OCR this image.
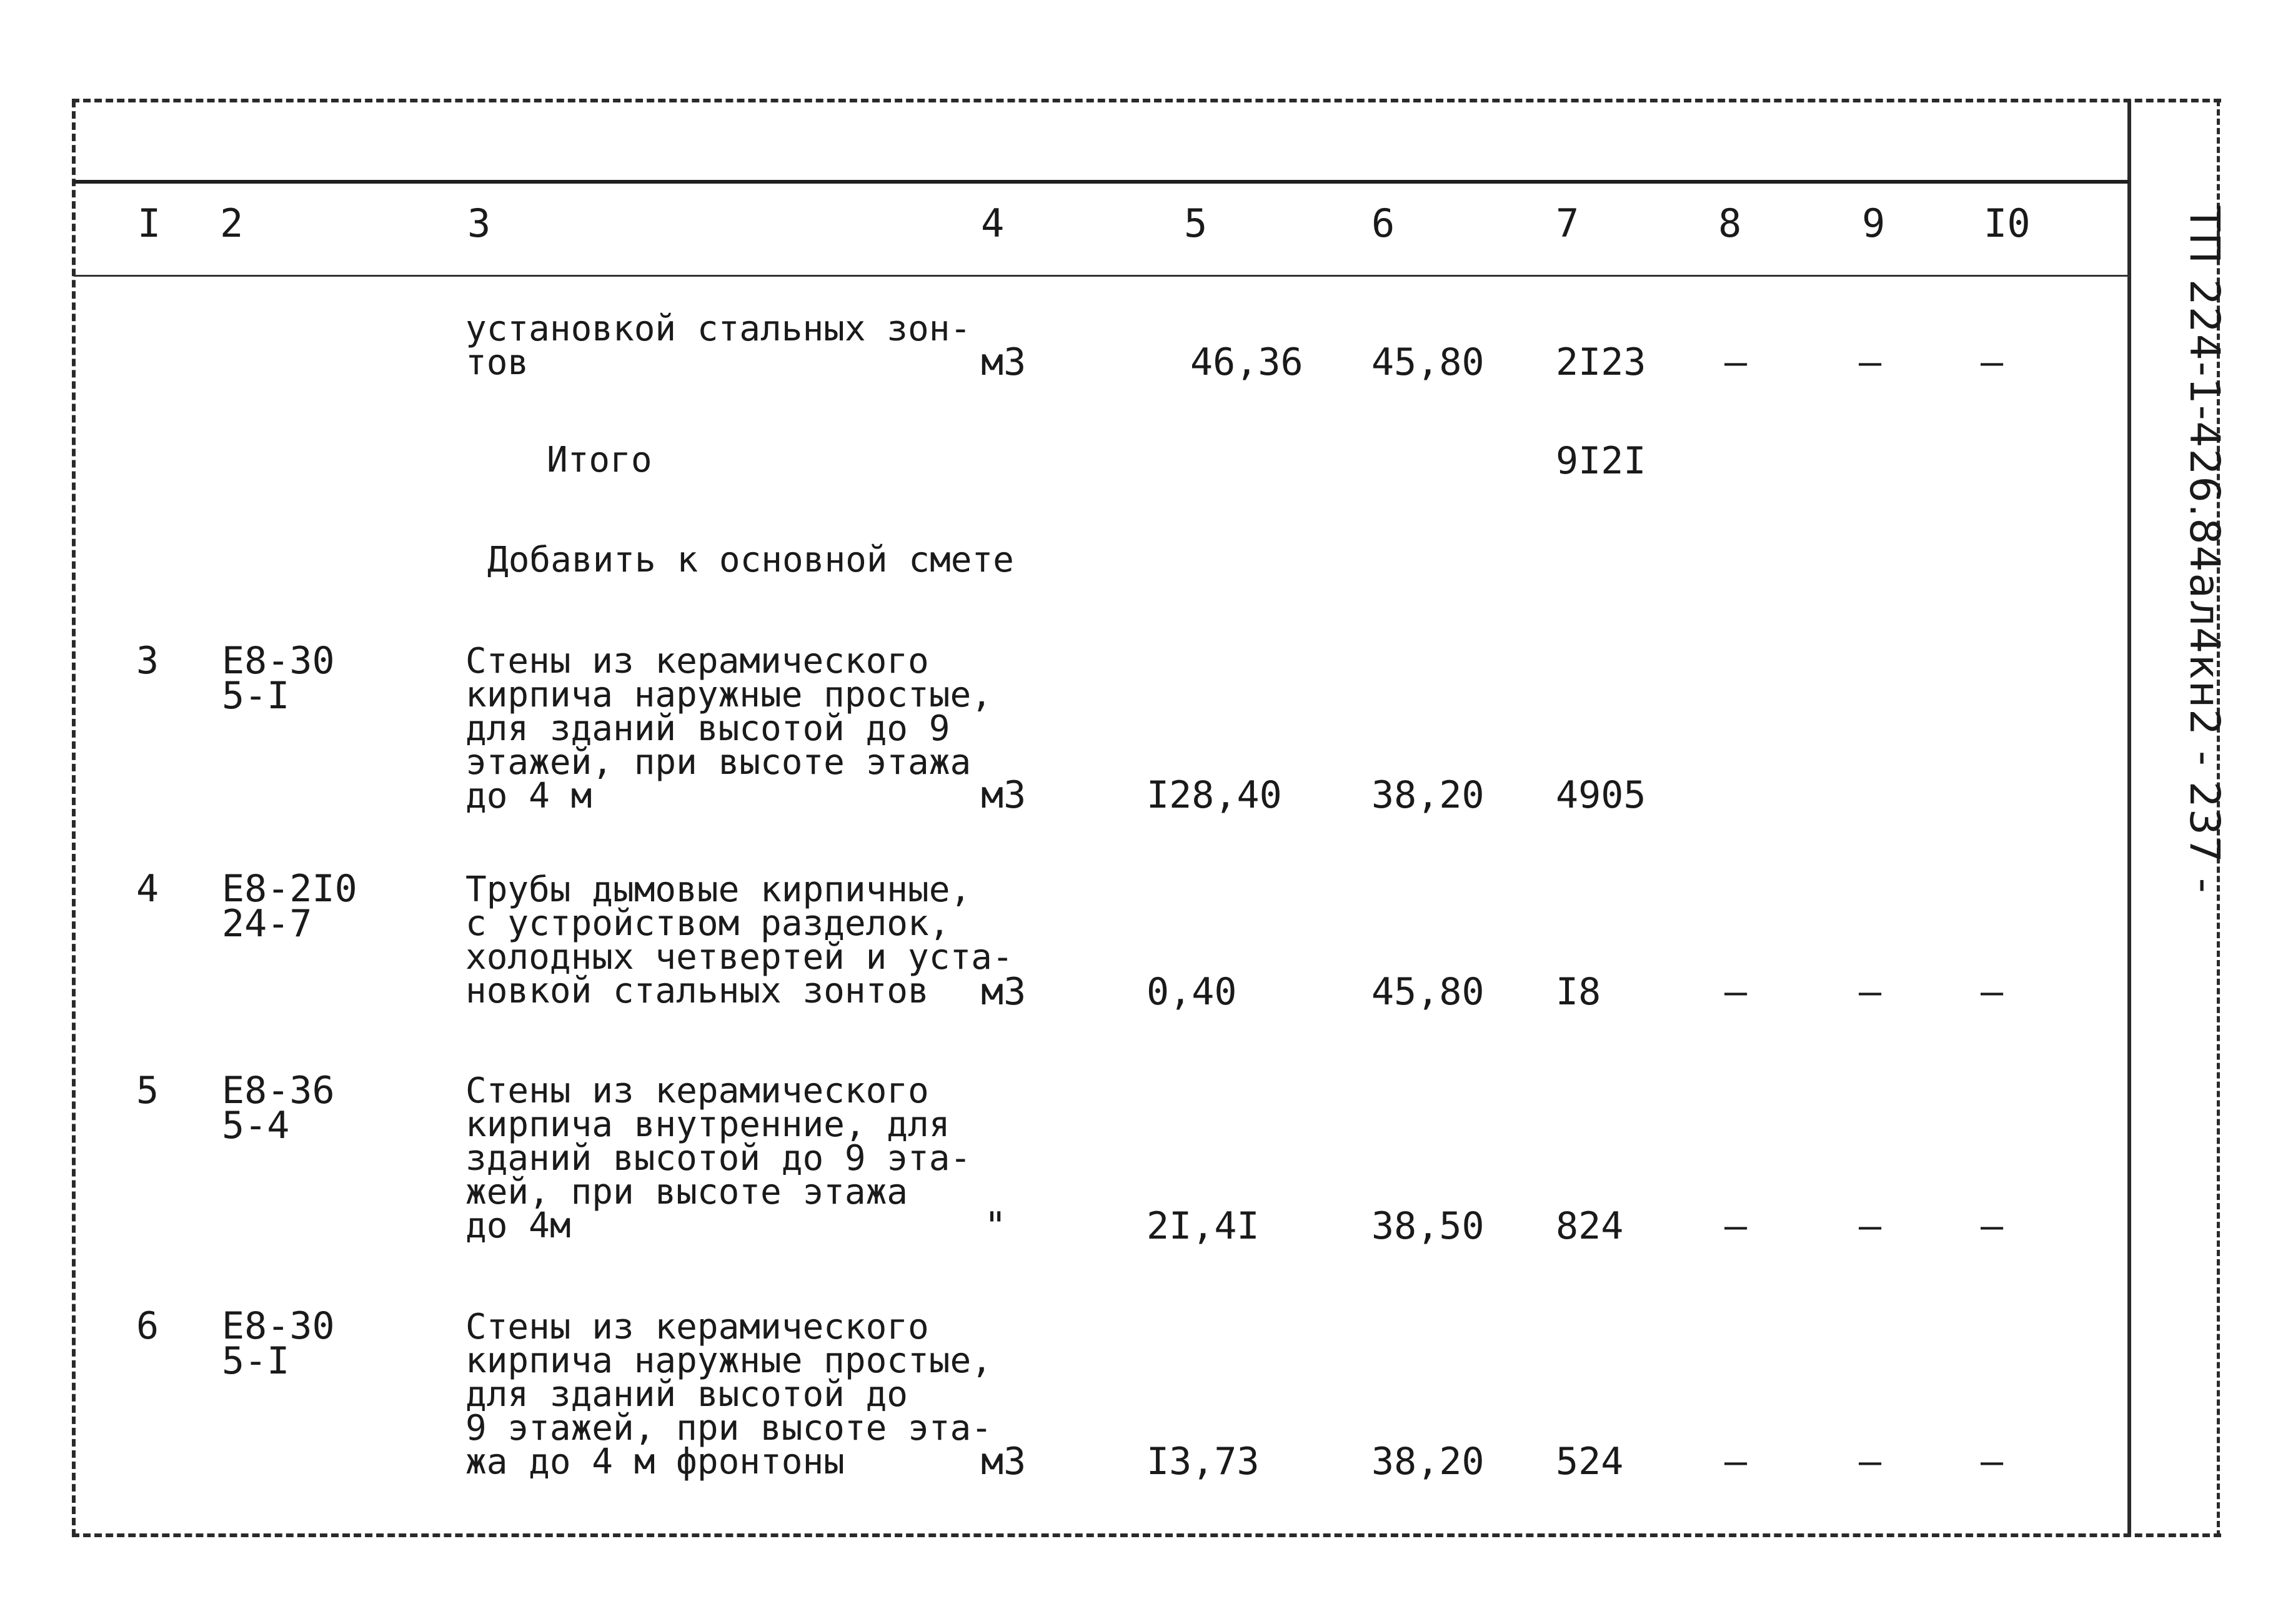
I 2	3	4	5	6	7	8	9	I0
установкой стальных зон-
тов	м3	46,36 45,80 2I23 –	–	–
Итого	9I2I
Добавить к основной смете
3 Е8-30
5-I
Стены из керамического
кирпича наружные простые,
для зданий высотой до 9
этажей, при высоте этажа
до 4 м	м3	I28,40 38,20 4905
4 Е8-2I0
24-7
Трубы дымовые кирпичные,
с устройством разделок,
холодных четвертей и уста-
новкой стальных зонтов	м3	0,40	45,80 I8	–	–	–
5 Е8-36
5-4
Стены из керамического
кирпича внутренние, для
зданий высотой до 9 эта-
жей, при высоте этажа
до 4м	"	2I,4I	38,50 824	–	–	–
6 Е8-30
5-I
Стены из керамического
кирпича наружные простые,
для зданий высотой до
9 этажей, при высоте эта-
жа до 4 м фронтоны	м3	I3,73	38,20 524	–	–	–
ТП 224-1-426.84ал4кн2 - 237 -
